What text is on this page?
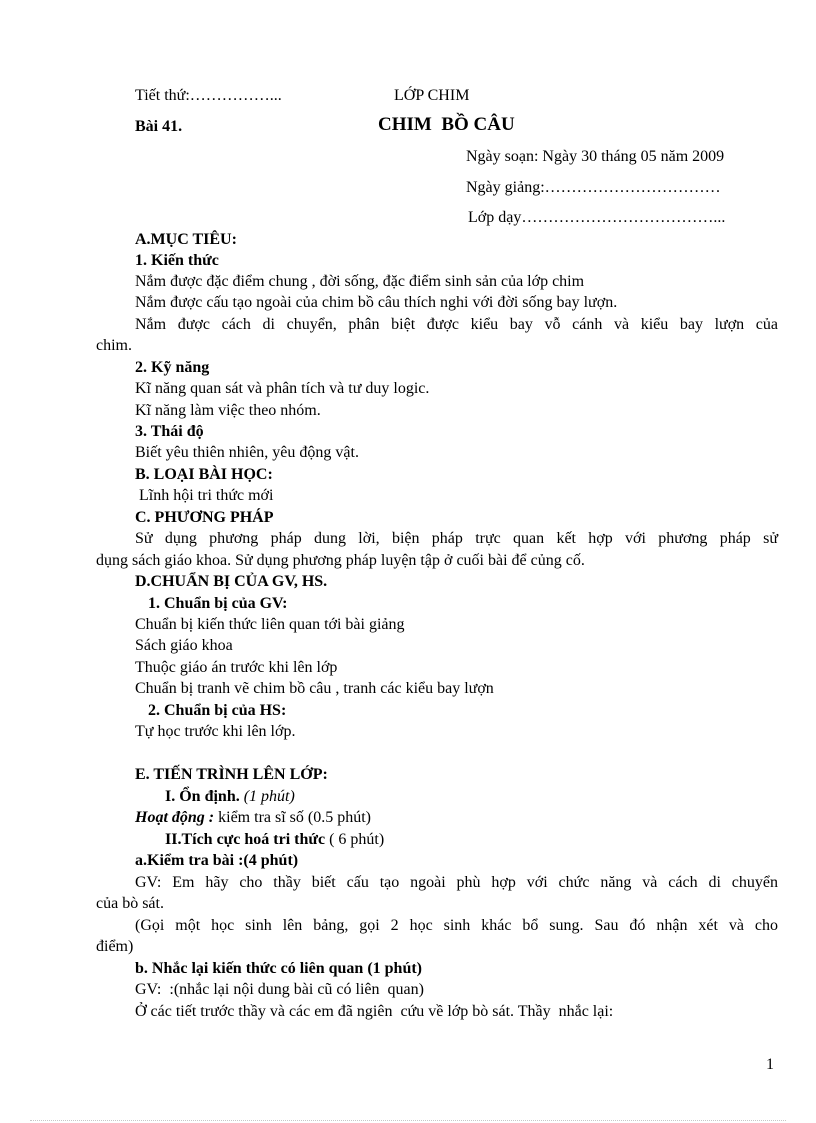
Tiết thứ:……………...	LỚP CHIM
Bài 41.	CHIM  BỒ CÂU
Ngày soạn: Ngày 30 tháng 05 năm 2009
Ngày giảng:……………………………
Lớp dạy………………………………...
A.MỤC TIÊU:
1. Kiến thức
Nắm được đặc điểm chung , đời sống, đặc điểm sinh sản của lớp chim
Nắm được cấu tạo ngoài của chim bồ câu thích nghi với đời sống bay lượn.
Nắm được cách di chuyển, phân biệt được kiểu bay vỗ cánh và kiểu bay lượn của
chim.
2. Kỹ năng
Kĩ năng quan sát và phân tích và tư duy logic.
Kĩ năng làm việc theo nhóm.
3. Thái độ
Biết yêu thiên nhiên, yêu động vật.
B. LOẠI BÀI HỌC:
Lĩnh hội tri thức mới
C. PHƯƠNG PHÁP
Sử dụng phương pháp dung lời, biện pháp trực quan kết hợp với phương pháp sử
dụng sách giáo khoa. Sử dụng phương pháp luyện tập ở cuối bài để củng cố.
D.CHUẨN BỊ CỦA GV, HS.
1. Chuẩn bị của GV:
Chuẩn bị kiến thức liên quan tới bài giảng
Sách giáo khoa
Thuộc giáo án trước khi lên lớp
Chuẩn bị tranh vẽ chim bồ câu , tranh các kiểu bay lượn
2. Chuẩn bị của HS:
Tự học trước khi lên lớp.
E. TIẾN TRÌNH LÊN LỚP:
I. Ổn định. (1 phút)
Hoạt động : kiểm tra sĩ số (0.5 phút)
II.Tích cực hoá tri thức ( 6 phút)
a.Kiểm tra bài :(4 phút)
GV: Em hãy cho thầy biết cấu tạo ngoài phù hợp với chức năng và cách di chuyển
của bò sát.
(Gọi một học sinh lên bảng, gọi 2 học sinh khác bổ sung. Sau đó nhận xét và cho
điểm)
b. Nhắc lại kiến thức có liên quan (1 phút)
GV:  :(nhắc lại nội dung bài cũ có liên  quan)
Ở các tiết trước thầy và các em đã ngiên  cứu về lớp bò sát. Thầy  nhắc lại:
1
